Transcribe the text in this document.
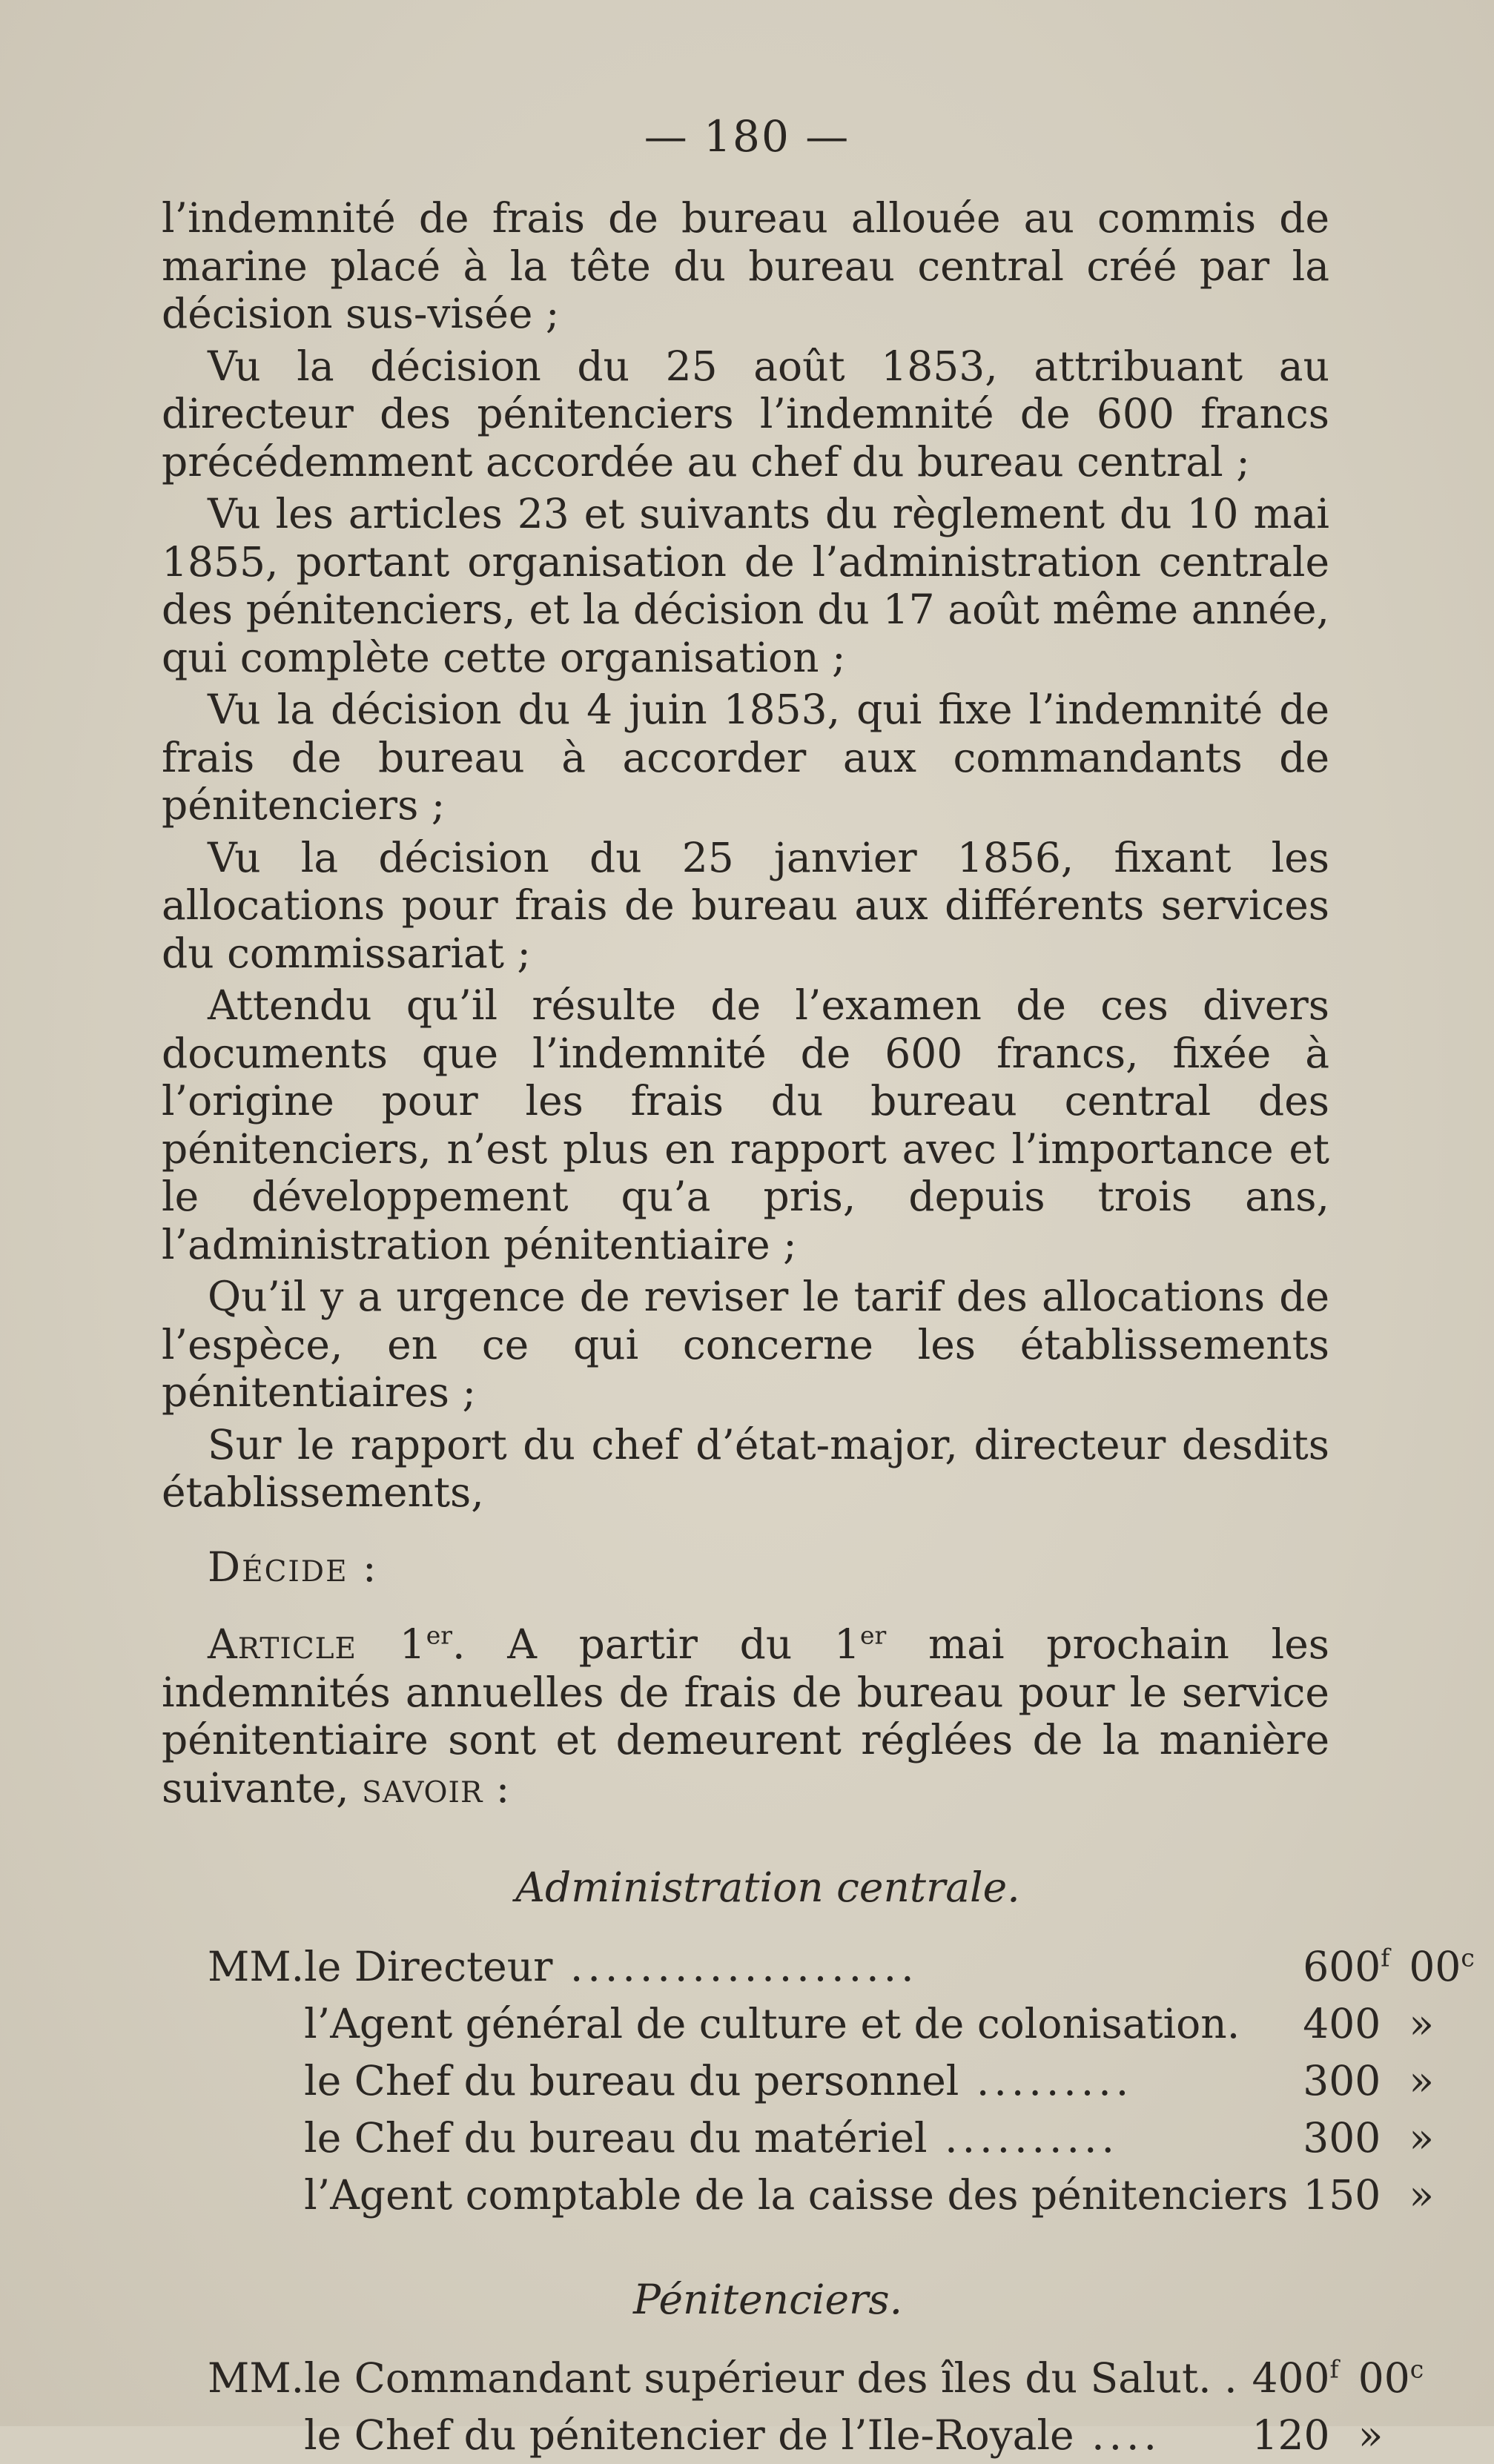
— 180 —

l’indemnité de frais de bureau allouée au commis de marine placé à la tête du bureau central créé par la décision sus-visée ;

Vu la décision du 25 août 1853, attribuant au directeur des pénitenciers l’indemnité de 600 francs précédemment accordée au chef du bureau central ;

Vu les articles 23 et suivants du règlement du 10 mai 1855, portant organisation de l’administration centrale des pénitenciers, et la décision du 17 août même année, qui complète cette organisation ;

Vu la décision du 4 juin 1853, qui fixe l’indemnité de frais de bureau à accorder aux commandants de pénitenciers ;

Vu la décision du 25 janvier 1856, fixant les allocations pour frais de bureau aux différents services du commissariat ;

Attendu qu’il résulte de l’examen de ces divers documents que l’indemnité de 600 francs, fixée à l’origine pour les frais du bureau central des pénitenciers, n’est plus en rapport avec l’importance et le développement qu’a pris, depuis trois ans, l’administration pénitentiaire ;

Qu’il y a urgence de reviser le tarif des allocations de l’espèce, en ce qui concerne les établissements pénitentiaires ;

Sur le rapport du chef d’état-major, directeur desdits établissements,

Décide :

Article 1er. A partir du 1er mai prochain les indemnités annuelles de frais de bureau pour le service pénitentiaire sont et demeurent réglées de la manière suivante, savoir :

Administration centrale.

MM.	le Directeur ....................	600$^f$	00$^c$
	l’Agent général de culture et de colonisation.	400	»
	le Chef du bureau du personnel .........	300	»
	le Chef du bureau du matériel ..........	300	»
	l’Agent comptable de la caisse des pénitenciers	150	»

Pénitenciers.

MM.	le Commandant supérieur des îles du Salut. .	400$^f$	00$^c$
	le Chef du pénitencier de l’Ile-Royale ....	120	»
